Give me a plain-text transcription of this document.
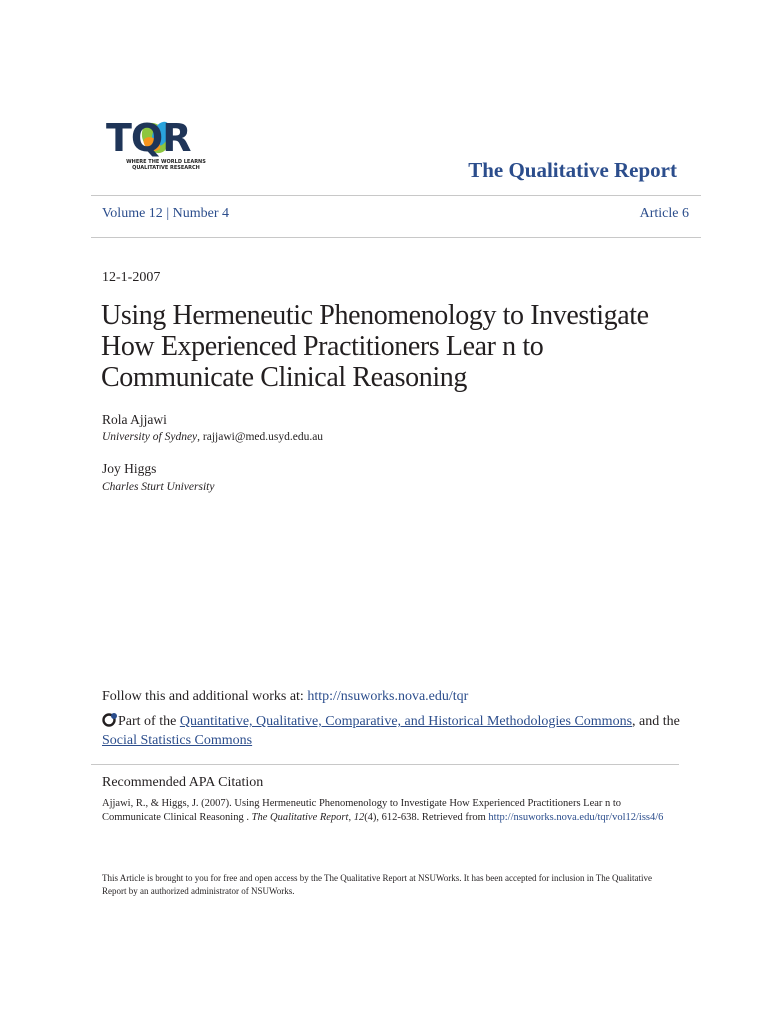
TQR
WHERE THE WORLD LEARNS QUALITATIVE RESEARCH	The Qualitative Report
Volume 12 | Number 4	Article 6
12-1-2007
Using Hermeneutic Phenomenology to Investigate How Experienced Practitioners Lear n to Communicate Clinical Reasoning
Rola Ajjawi
University of Sydney, rajjawi@med.usyd.edu.au
Joy Higgs
Charles Sturt University
Follow this and additional works at: http://nsuworks.nova.edu/tqr
Part of the Quantitative, Qualitative, Comparative, and Historical Methodologies Commons, and the Social Statistics Commons
Recommended APA Citation
Ajjawi, R., & Higgs, J. (2007). Using Hermeneutic Phenomenology to Investigate How Experienced Practitioners Lear n to Communicate Clinical Reasoning . The Qualitative Report, 12(4), 612-638. Retrieved from http://nsuworks.nova.edu/tqr/vol12/iss4/6
This Article is brought to you for free and open access by the The Qualitative Report at NSUWorks. It has been accepted for inclusion in The Qualitative Report by an authorized administrator of NSUWorks.
